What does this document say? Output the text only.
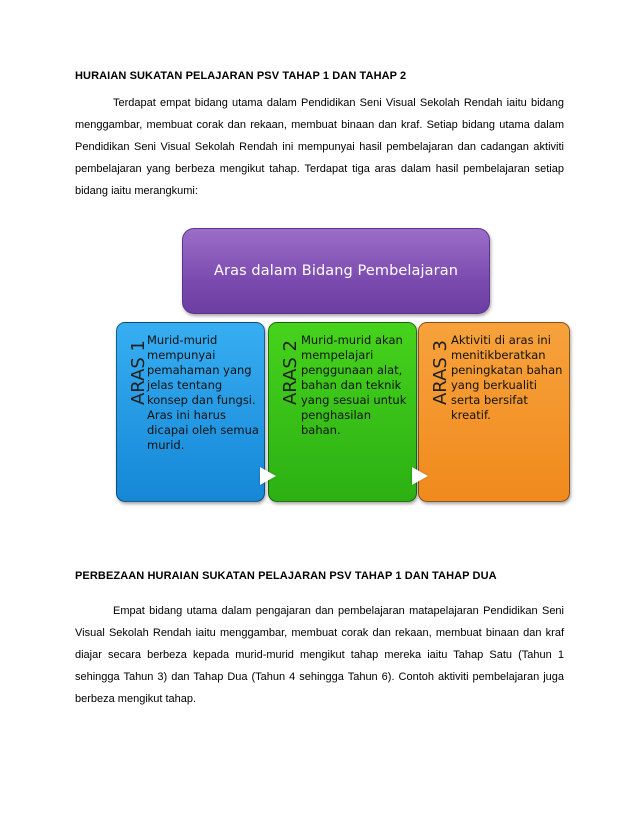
HURAIAN SUKATAN PELAJARAN PSV TAHAP 1 DAN TAHAP 2

Terdapat empat bidang utama dalam Pendidikan Seni Visual Sekolah Rendah iaitu bidang menggambar, membuat corak dan rekaan, membuat binaan dan kraf. Setiap bidang utama dalam Pendidikan Seni Visual Sekolah Rendah ini mempunyai hasil pembelajaran dan cadangan aktiviti pembelajaran yang berbeza mengikut tahap. Terdapat tiga aras dalam hasil pembelajaran setiap bidang iaitu merangkumi:

Aras dalam Bidang Pembelajaran
ARAS 1
Murid-murid mempunyai pemahaman yang jelas tentang konsep dan fungsi. Aras ini harus dicapai oleh semua murid.
ARAS 2 Murid-murid akan mempelajari penggunaan alat, bahan dan teknik yang sesuai untuk penghasilan bahan.
ARAS 3 Aktiviti di aras ini menitikberatkan peningkatan bahan yang berkualiti serta bersifat kreatif.
PERBEZAAN HURAIAN SUKATAN PELAJARAN PSV TAHAP 1 DAN TAHAP DUA

Empat bidang utama dalam pengajaran dan pembelajaran matapelajaran Pendidikan Seni Visual Sekolah Rendah iaitu menggambar, membuat corak dan rekaan, membuat binaan dan kraf diajar secara berbeza kepada murid-murid mengikut tahap mereka iaitu Tahap Satu (Tahun 1 sehingga Tahun 3) dan Tahap Dua (Tahun 4 sehingga Tahun 6). Contoh aktiviti pembelajaran juga berbeza mengikut tahap.
